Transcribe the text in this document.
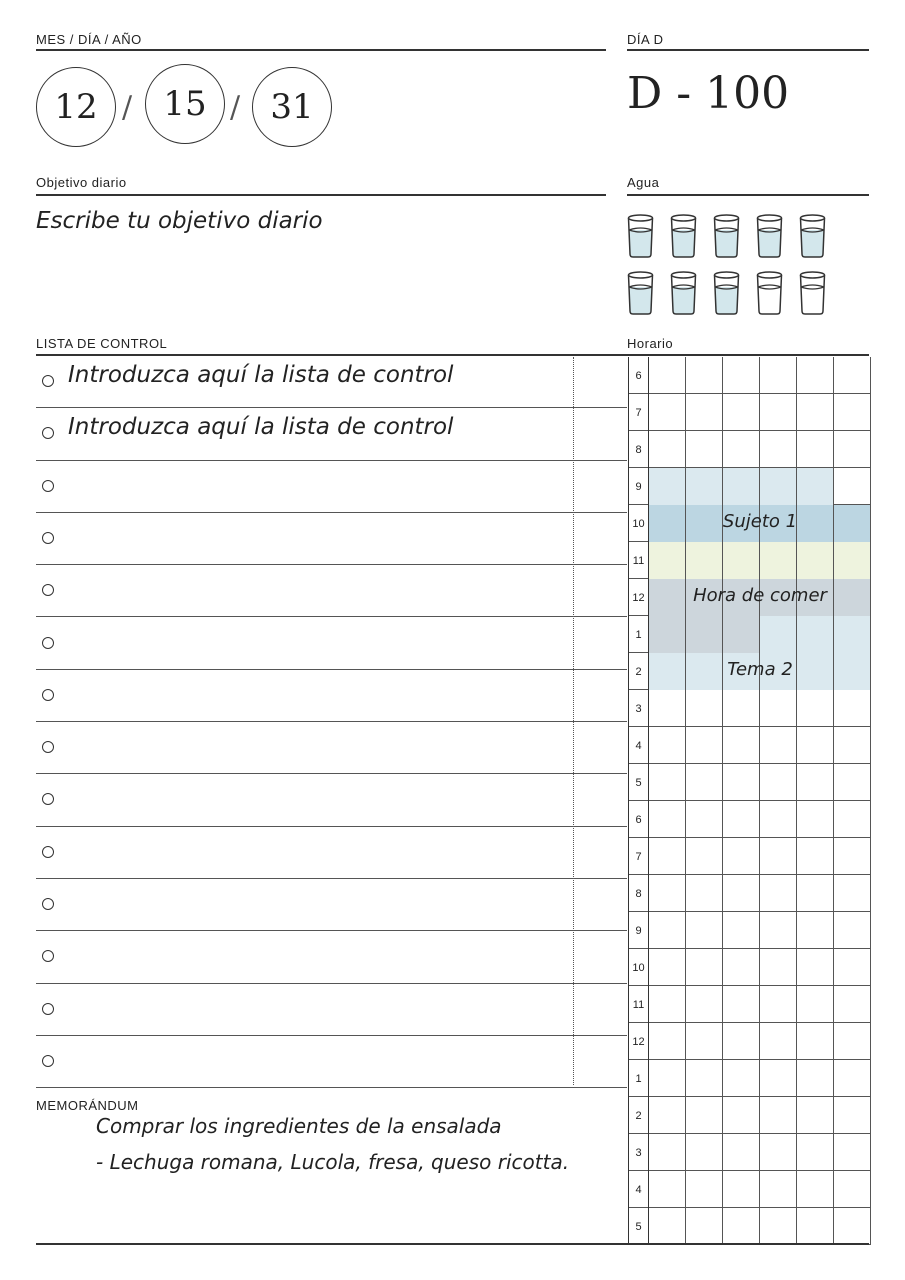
MES / DÍA / AÑO
12 / 15 / 31
DÍA D
D - 100
Objetivo diario
Escribe tu objetivo diario
Agua
LISTA DE CONTROL
Introduzca aquí la lista de control
Introduzca aquí la lista de control
MEMORÁNDUM
Comprar los ingredientes de la ensalada
- Lechuga romana, Lucola, fresa, queso ricotta.
Horario
6
7
8
9
10
11
12
1
2
3
4
5
6
7
8
9
10
11
12
1
2
3
4
5
Sujeto 1
Hora de comer
Tema 2
